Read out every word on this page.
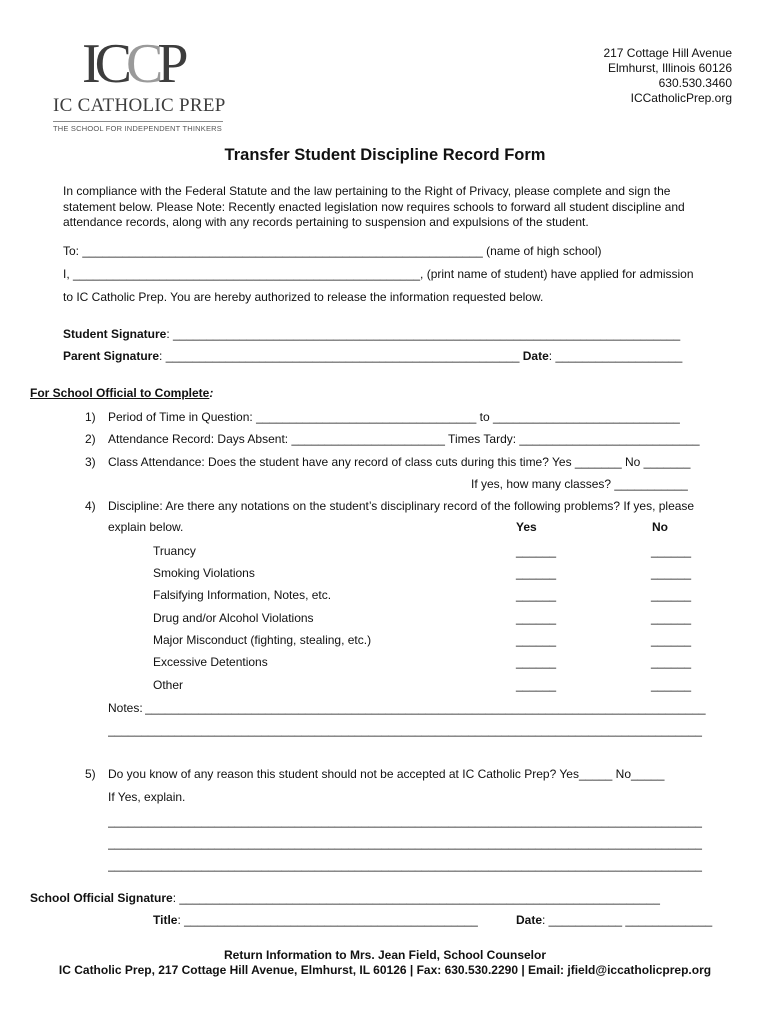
ICCP
IC CATHOLIC PREP
THE SCHOOL FOR INDEPENDENT THINKERS
217 Cottage Hill Avenue
Elmhurst, Illinois 60126
630.530.3460
ICCatholicPrep.org
Transfer Student Discipline Record Form
In compliance with the Federal Statute and the law pertaining to the Right of Privacy, please complete and sign the statement below. Please Note: Recently enacted legislation now requires schools to forward all student discipline and attendance records, along with any records pertaining to suspension and expulsions of the student.
To: ____________________________________________________________ (name of high school)
I, ____________________________________________________, (print name of student) have applied for admission
to IC Catholic Prep. You are hereby authorized to release the information requested below.
Student Signature: ____________________________________________________________________________
Parent Signature: _____________________________________________________ Date: ___________________
For School Official to Complete:
1) Period of Time in Question: _________________________________ to ____________________________
2) Attendance Record: Days Absent: _______________________ Times Tardy: ___________________________
3) Class Attendance: Does the student have any record of class cuts during this time? Yes _______ No _______
If yes, how many classes? ___________
4) Discipline: Are there any notations on the student’s disciplinary record of the following problems? If yes, please
explain below.	Yes	No
Truancy	______	______
Smoking Violations	______	______
Falsifying Information, Notes, etc.	______	______
Drug and/or Alcohol Violations	______	______
Major Misconduct (fighting, stealing, etc.)	______	______
Excessive Detentions	______	______
Other	______	______
Notes: ____________________________________________________________________________________
_________________________________________________________________________________________
5) Do you know of any reason this student should not be accepted at IC Catholic Prep? Yes_____ No_____
If Yes, explain.
_________________________________________________________________________________________
_________________________________________________________________________________________
_________________________________________________________________________________________
School Official Signature: ________________________________________________________________________
Title: ____________________________________________	Date: ___________ _____________
Return Information to Mrs. Jean Field, School Counselor
IC Catholic Prep, 217 Cottage Hill Avenue, Elmhurst, IL 60126 | Fax: 630.530.2290 | Email: jfield@iccatholicprep.org
